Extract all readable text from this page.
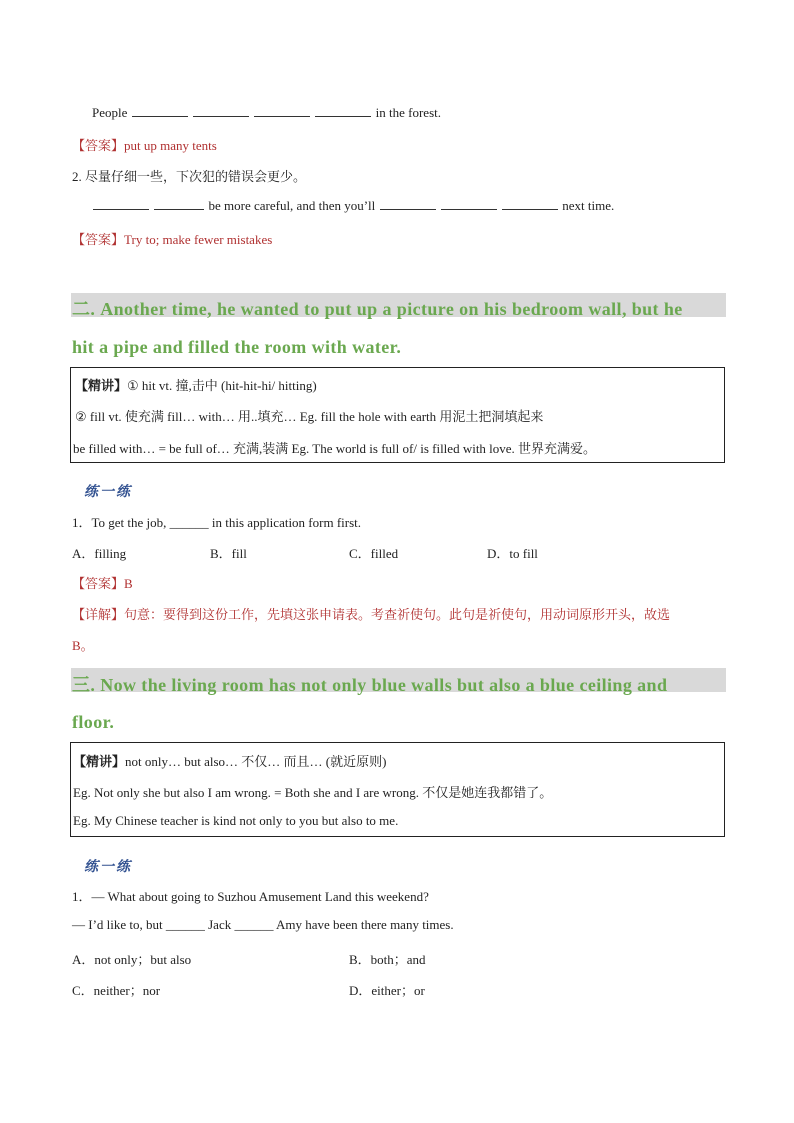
People	in the forest.
【答案】put up many tents
2. 尽量仔细一些，下次犯的错误会更少。
be more careful, and then you’ll	next time.
【答案】Try to; make fewer mistakes
二. Another time, he wanted to put up a picture on his bedroom wall, but he
hit a pipe and filled the room with water.
【精讲】① hit vt. 撞,击中 (hit-hit-hi/ hitting)
② fill vt. 使充满 fill… with… 用..填充… Eg. fill the hole with earth 用泥土把洞填起来
be filled with… = be full of… 充满,装满 Eg. The world is full of/ is filled with love. 世界充满爱。
练一练
1．To get the job, ______ in this application form first.
A．filling	B．fill	C．filled	D．to fill
【答案】B
【详解】句意：要得到这份工作，先填这张申请表。考查祈使句。此句是祈使句，用动词原形开头，故选
B。
三. Now the living room has not only blue walls but also a blue ceiling and
floor.
【精讲】not only… but also… 不仅… 而且… (就近原则)
Eg. Not only she but also I am wrong. = Both she and I are wrong. 不仅是她连我都错了。
Eg. My Chinese teacher is kind not only to you but also to me.
练一练
1．— What about going to Suzhou Amusement Land this weekend?
— I’d like to, but ______ Jack ______ Amy have been there many times.
A．not only；but also	B．both；and
C．neither；nor	D．either；or
